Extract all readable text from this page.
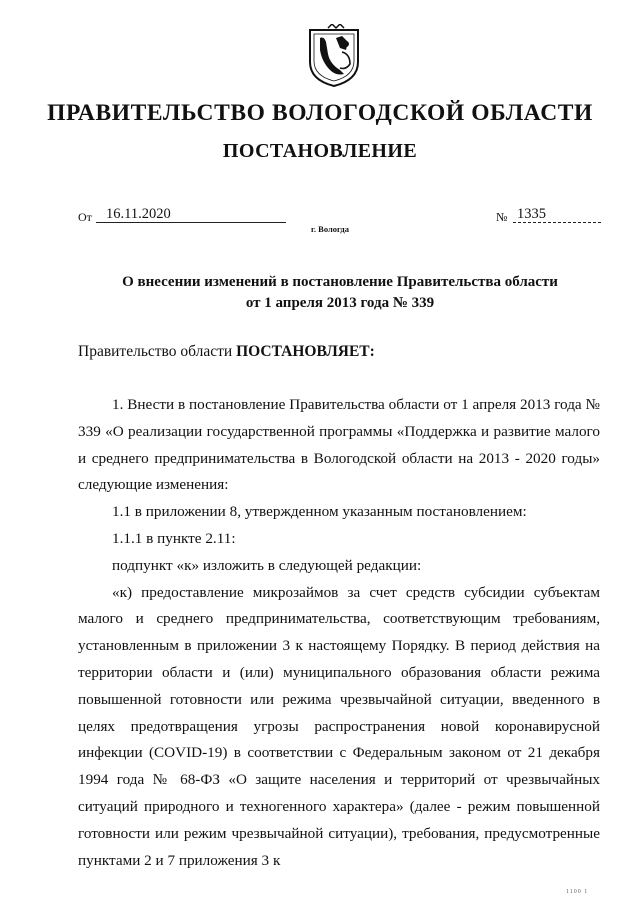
ПРАВИТЕЛЬСТВО ВОЛОГОДСКОЙ ОБЛАСТИ
ПОСТАНОВЛЕНИЕ
От 16.11.2020	№ 1335
г. Вологда
О внесении изменений в постановление Правительства области
от 1 апреля 2013 года № 339
Правительство области ПОСТАНОВЛЯЕТ:

1. Внести в постановление Правительства области от 1 апреля 2013 года № 339 «О реализации государственной программы «Поддержка и развитие малого и среднего предпринимательства в Вологодской области на 2013 - 2020 годы» следующие изменения:

1.1 в приложении 8, утвержденном указанным постановлением:

1.1.1 в пункте 2.11:

подпункт «к» изложить в следующей редакции:

«к) предоставление микрозаймов за счет средств субсидии субъектам малого и среднего предпринимательства, соответствующим требованиям, установленным в приложении 3 к настоящему Порядку. В период действия на территории области и (или) муниципального образования области режима повышенной готовности или режима чрезвычайной ситуации, введенного в целях предотвращения угрозы распространения новой коронавирусной инфекции (COVID-19) в соответствии с Федеральным законом от 21 декабря 1994 года № 68-ФЗ «О защите населения и территорий от чрезвычайных ситуаций природного и техногенного характера» (далее - режим повышенной готовности или режим чрезвычайной ситуации), требования, предусмотренные пунктами 2 и 7 приложения 3 к

1100 1
